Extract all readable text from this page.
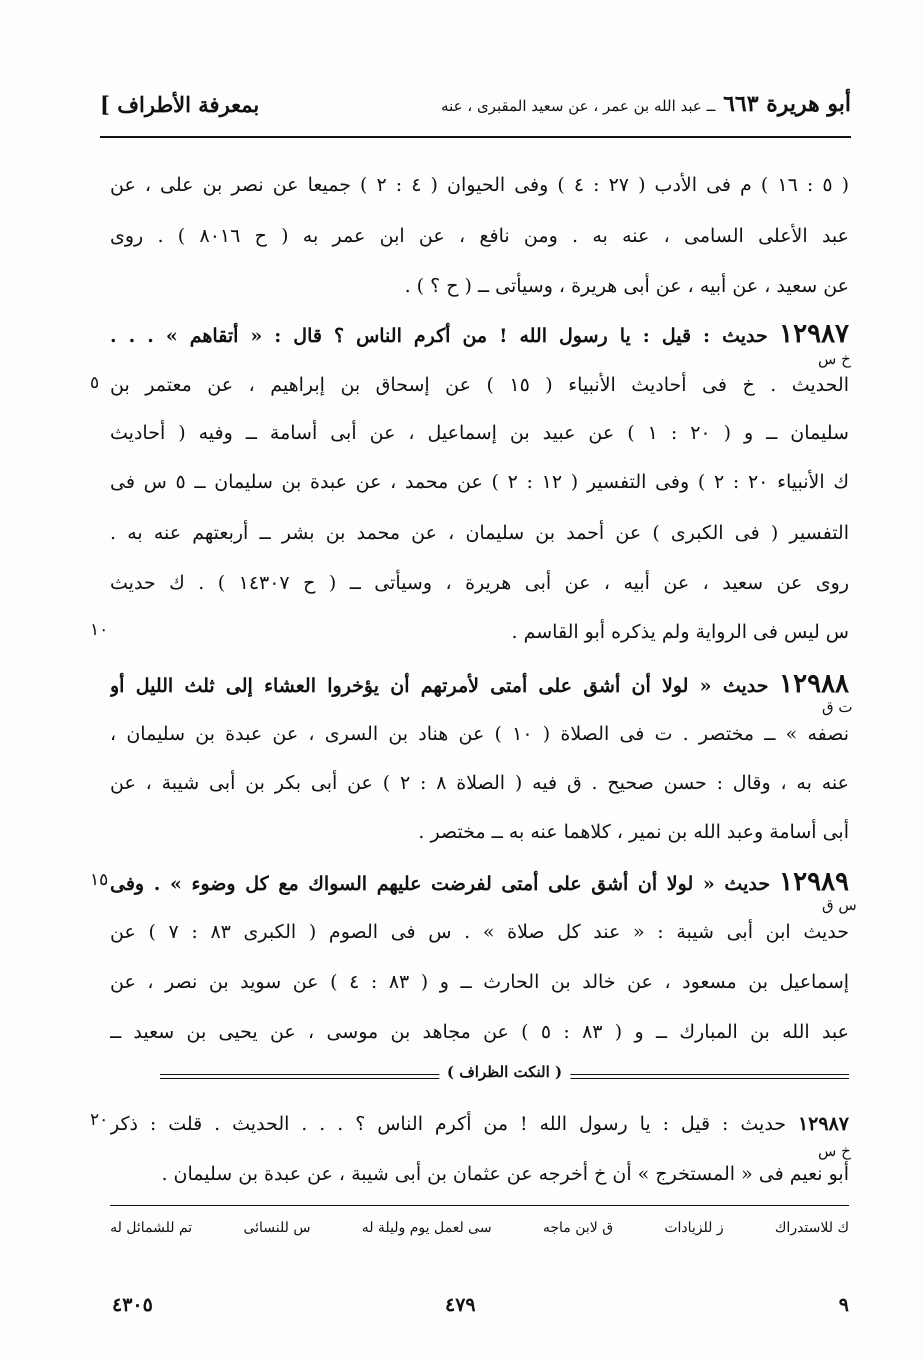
بمعرفة الأطراف ]	أبو هريرة ٦٦٣ ــ عبد الله بن عمر ، عن سعيد المقبرى ، عنه
( ٥ : ١٦ ) م فى الأدب ( ٢٧ : ٤ ) وفى الحيوان ( ٤ : ٢ ) جميعا عن نصر بن على ، عن
عبد الأعلى السامى ، عنه به . ومن نافع ، عن ابن عمر به ( ح ٨٠١٦ ) . روى
عن سعيد ، عن أبيه ، عن أبى هريرة ، وسيأتى ــ ( ح ؟ ) .
١٢٩٨٧ حديث : قيل : يا رسول الله ! من أكرم الناس ؟ قال : « أتقاهم » . . .
خ س
الحديث . خ فى أحاديث الأنبياء ( ١٥ ) عن إسحاق بن إبراهيم ، عن معتمر بن
٥
سليمان ــ و ( ٢٠ : ١ ) عن عبيد بن إسماعيل ، عن أبى أسامة ــ وفيه ( أحاديث
ك الأنبياء ٢٠ : ٢ ) وفى التفسير ( ١٢ : ٢ ) عن محمد ، عن عبدة بن سليمان ــ ٥ س فى
التفسير ( فى الكبرى ) عن أحمد بن سليمان ، عن محمد بن بشر ــ أربعتهم عنه به .
روى عن سعيد ، عن أبيه ، عن أبى هريرة ، وسيأتى ــ ( ح ١٤٣٠٧ ) . ك حديث
س ليس فى الرواية ولم يذكره أبو القاسم .
١٠
١٢٩٨٨ حديث « لولا أن أشق على أمتى لأمرتهم أن يؤخروا العشاء إلى ثلث الليل أو
ت ق
نصفه » ــ مختصر . ت فى الصلاة ( ١٠ ) عن هناد بن السرى ، عن عبدة بن سليمان ،
عنه به ، وقال : حسن صحيح . ق فيه ( الصلاة ٨ : ٢ ) عن أبى بكر بن أبى شيبة ، عن
أبى أسامة وعبد الله بن نمير ، كلاهما عنه به ــ مختصر .
١٢٩٨٩ حديث « لولا أن أشق على أمتى لفرضت عليهم السواك مع كل وضوء » . وفى
١٥
س ق
حديث ابن أبى شيبة : « عند كل صلاة » . س فى الصوم ( الكبرى ٨٣ : ٧ ) عن
إسماعيل بن مسعود ، عن خالد بن الحارث ــ و ( ٨٣ : ٤ ) عن سويد بن نصر ، عن
عبد الله بن المبارك ــ و ( ٨٣ : ٥ ) عن مجاهد بن موسى ، عن يحيى بن سعيد ــ
( النكت الظراف )
١٢٩٨٧ حديث : قيل : يا رسول الله ! من أكرم الناس ؟ . . . الحديث . قلت : ذكر
٢٠
خ س
أبو نعيم فى « المستخرج » أن خ أخرجه عن عثمان بن أبى شيبة ، عن عبدة بن سليمان .
تم للشمائل له	س للنسائى	سى لعمل يوم وليلة له	ق لابن ماجه	ز للزيادات	ك للاستدراك
٩
٤٧٩
٤٣٠٥
